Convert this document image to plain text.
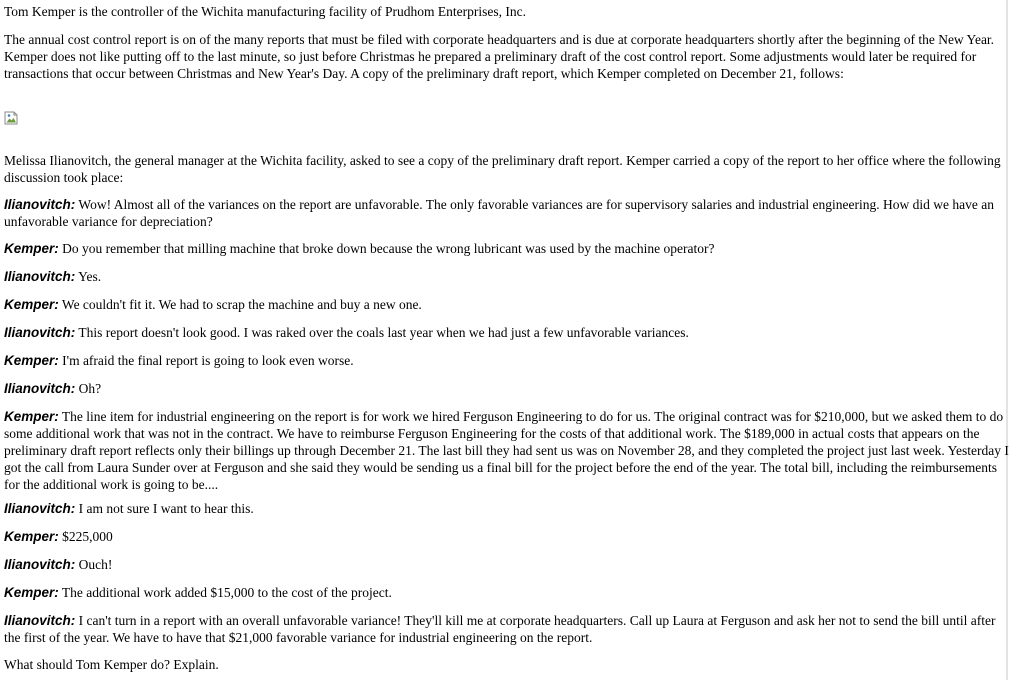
Tom Kemper is the controller of the Wichita manufacturing facility of Prudhom Enterprises, Inc.

The annual cost control report is on of the many reports that must be filed with corporate headquarters and is due at corporate headquarters shortly after the beginning of the New Year. Kemper does not like putting off to the last minute, so just before Christmas he prepared a preliminary draft of the cost control report. Some adjustments would later be required for transactions that occur between Christmas and New Year's Day. A copy of the preliminary draft report, which Kemper completed on December 21, follows:

Melissa Ilianovitch, the general manager at the Wichita facility, asked to see a copy of the preliminary draft report. Kemper carried a copy of the report to her office where the following discussion took place:

Ilianovitch: Wow! Almost all of the variances on the report are unfavorable. The only favorable variances are for supervisory salaries and industrial engineering. How did we have an unfavorable variance for depreciation?

Kemper: Do you remember that milling machine that broke down because the wrong lubricant was used by the machine operator?

Ilianovitch: Yes.

Kemper: We couldn't fit it. We had to scrap the machine and buy a new one.

Ilianovitch: This report doesn't look good. I was raked over the coals last year when we had just a few unfavorable variances.

Kemper: I'm afraid the final report is going to look even worse.

Ilianovitch: Oh?

Kemper: The line item for industrial engineering on the report is for work we hired Ferguson Engineering to do for us. The original contract was for $210,000, but we asked them to do some additional work that was not in the contract. We have to reimburse Ferguson Engineering for the costs of that additional work. The $189,000 in actual costs that appears on the preliminary draft report reflects only their billings up through December 21. The last bill they had sent us was on November 28, and they completed the project just last week. Yesterday I got the call from Laura Sunder over at Ferguson and she said they would be sending us a final bill for the project before the end of the year. The total bill, including the reimbursements for the additional work is going to be....

Ilianovitch: I am not sure I want to hear this.

Kemper: $225,000

Ilianovitch: Ouch!

Kemper: The additional work added $15,000 to the cost of the project.

Ilianovitch: I can't turn in a report with an overall unfavorable variance! They'll kill me at corporate headquarters. Call up Laura at Ferguson and ask her not to send the bill until after the first of the year. We have to have that $21,000 favorable variance for industrial engineering on the report.

What should Tom Kemper do? Explain.
